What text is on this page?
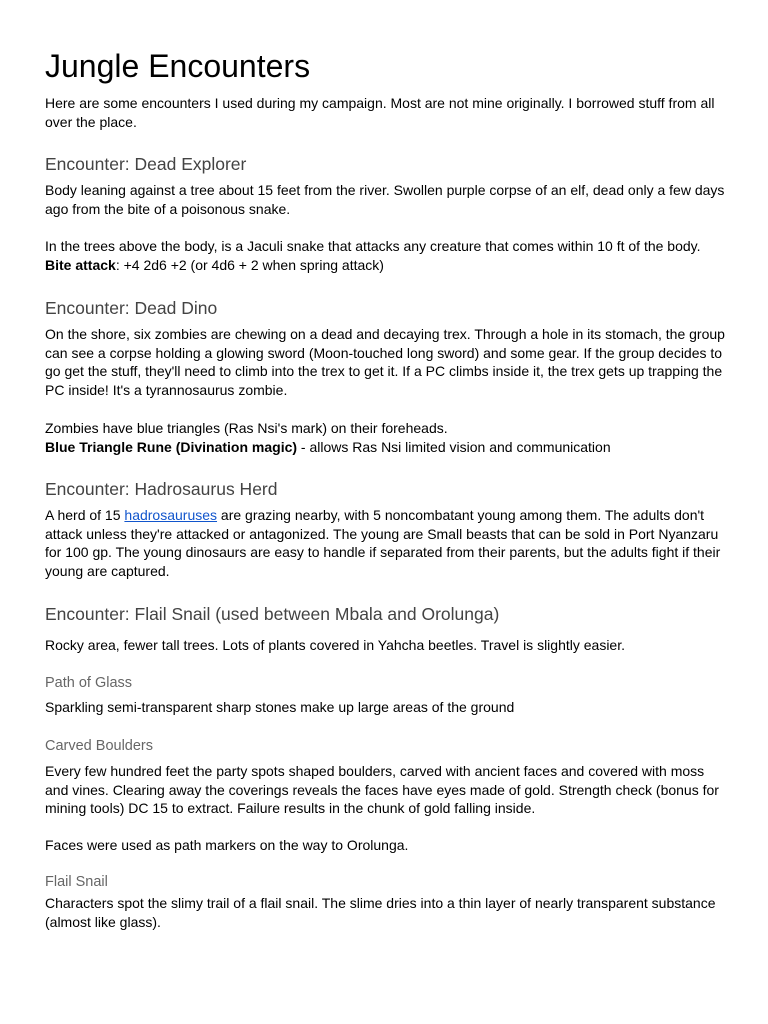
Jungle Encounters

Here are some encounters I used during my campaign. Most are not mine originally. I borrowed stuff from all over the place.

Encounter: Dead Explorer

Body leaning against a tree about 15 feet from the river. Swollen purple corpse of an elf, dead only a few days ago from the bite of a poisonous snake.

In the trees above the body, is a Jaculi snake that attacks any creature that comes within 10 ft of the body.

Bite attack: +4 2d6 +2 (or 4d6 + 2 when spring attack)

Encounter: Dead Dino

On the shore, six zombies are chewing on a dead and decaying trex. Through a hole in its stomach, the group can see a corpse holding a glowing sword (Moon-touched long sword) and some gear. If the group decides to go get the stuff, they'll need to climb into the trex to get it. If a PC climbs inside it, the trex gets up trapping the PC inside! It's a tyrannosaurus zombie.

Zombies have blue triangles (Ras Nsi's mark) on their foreheads.

Blue Triangle Rune (Divination magic) - allows Ras Nsi limited vision and communication

Encounter: Hadrosaurus Herd

A herd of 15 hadrosauruses are grazing nearby, with 5 noncombatant young among them. The adults don't attack unless they're attacked or antagonized. The young are Small beasts that can be sold in Port Nyanzaru for 100 gp. The young dinosaurs are easy to handle if separated from their parents, but the adults fight if their young are captured.

Encounter: Flail Snail (used between Mbala and Orolunga)

Rocky area, fewer tall trees. Lots of plants covered in Yahcha beetles. Travel is slightly easier.

Path of Glass

Sparkling semi-transparent sharp stones make up large areas of the ground

Carved Boulders

Every few hundred feet the party spots shaped boulders, carved with ancient faces and covered with moss and vines. Clearing away the coverings reveals the faces have eyes made of gold. Strength check (bonus for mining tools) DC 15 to extract. Failure results in the chunk of gold falling inside.

Faces were used as path markers on the way to Orolunga.

Flail Snail

Characters spot the slimy trail of a flail snail. The slime dries into a thin layer of nearly transparent substance (almost like glass).
